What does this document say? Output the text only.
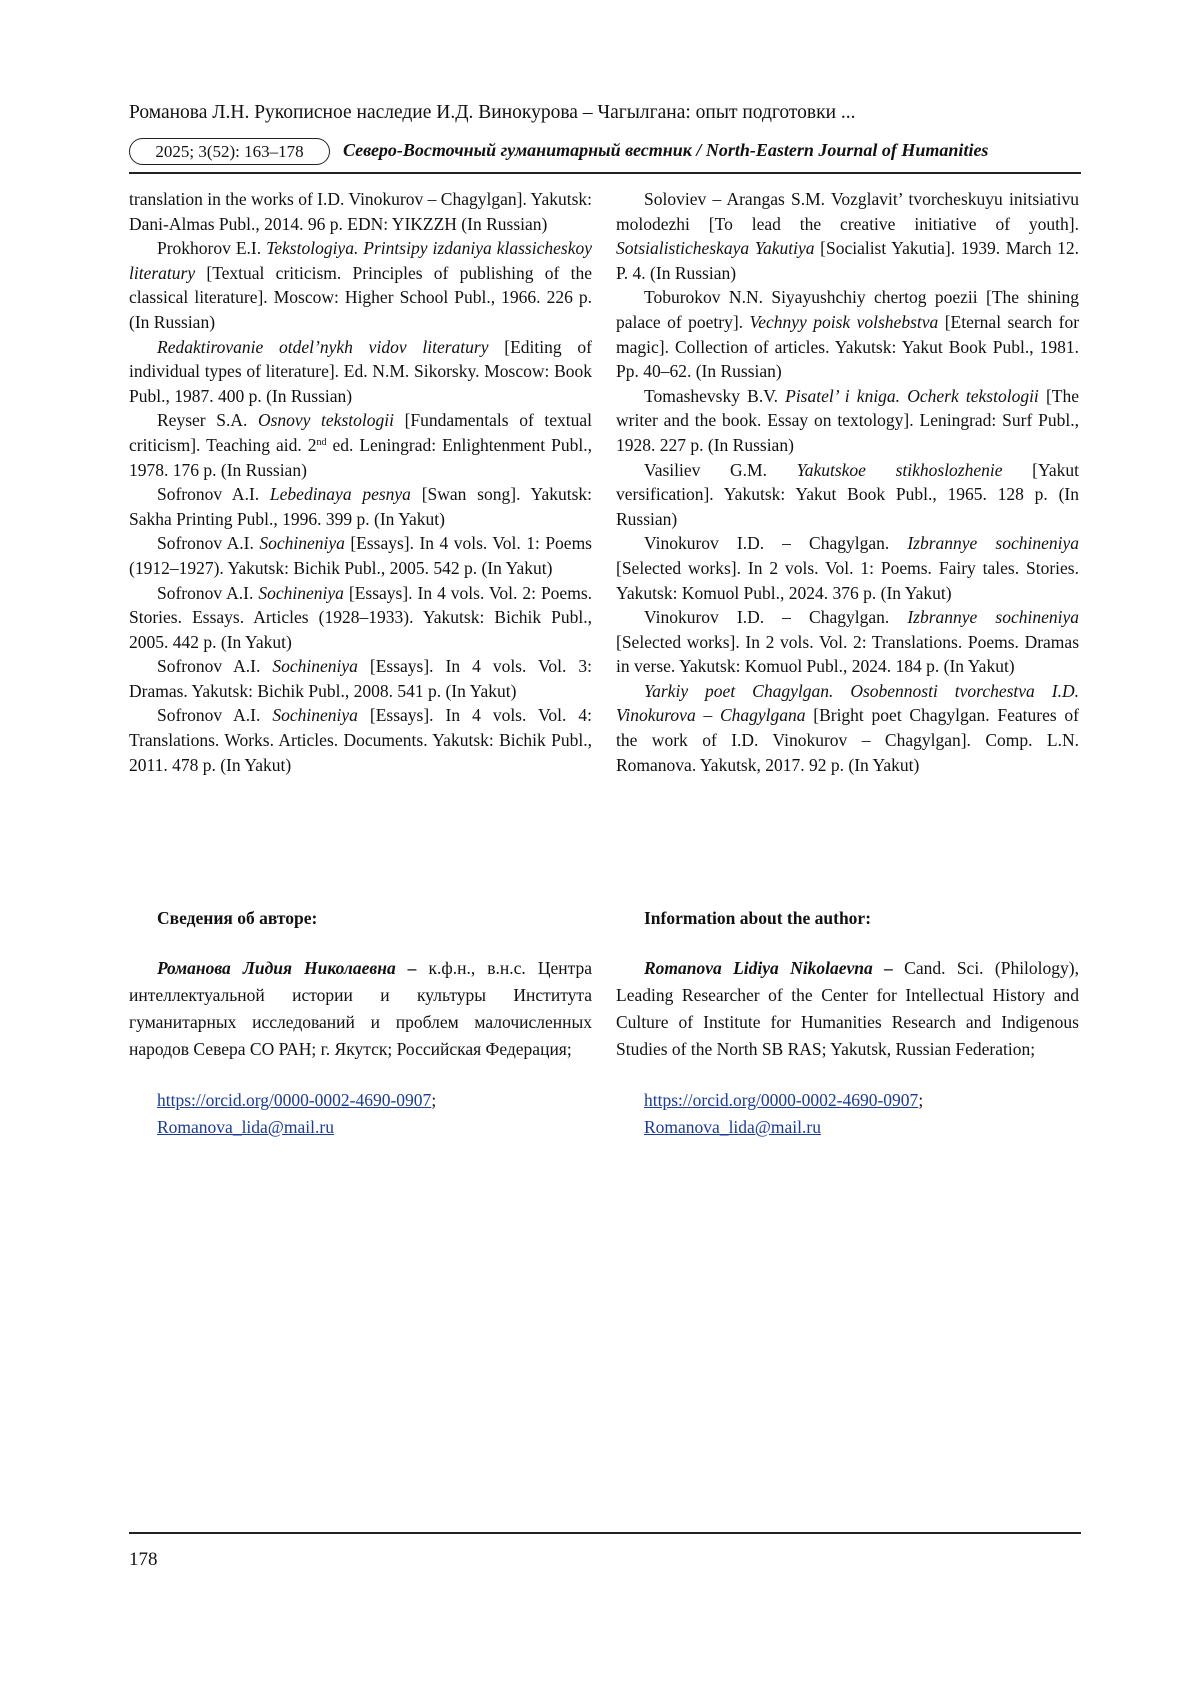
Романова Л.Н. Рукописное наследие И.Д. Винокурова – Чагылгана: опыт подготовки ...
2025; 3(52): 163–178	Северо-Восточный гуманитарный вестник / North-Eastern Journal of Humanities

translation in the works of I.D. Vinokurov – Chagylgan]. Yakutsk: Dani-Almas Publ., 2014. 96 p. EDN: YIKZZH (In Russian)

Prokhorov E.I. Tekstologiya. Printsipy izdaniya klassicheskoy literatury [Textual criticism. Principles of publishing of the classical literature]. Moscow: Higher School Publ., 1966. 226 p. (In Russian)

Redaktirovanie otdel’nykh vidov literatury [Editing of individual types of literature]. Ed. N.M. Sikorsky. Moscow: Book Publ., 1987. 400 p. (In Russian)

Reyser S.A. Osnovy tekstologii [Fundamentals of textual criticism]. Teaching aid. 2nd ed. Leningrad: Enlightenment Publ., 1978. 176 p. (In Russian)

Sofronov A.I. Lebedinaya pesnya [Swan song]. Yakutsk: Sakha Printing Publ., 1996. 399 p. (In Yakut)

Sofronov A.I. Sochineniya [Essays]. In 4 vols. Vol. 1: Poems (1912–1927). Yakutsk: Bichik Publ., 2005. 542 p. (In Yakut)

Sofronov A.I. Sochineniya [Essays]. In 4 vols. Vol. 2: Poems. Stories. Essays. Articles (1928–1933). Yakutsk: Bichik Publ., 2005. 442 p. (In Yakut)

Sofronov A.I. Sochineniya [Essays]. In 4 vols. Vol. 3: Dramas. Yakutsk: Bichik Publ., 2008. 541 p. (In Yakut)

Sofronov A.I. Sochineniya [Essays]. In 4 vols. Vol. 4: Translations. Works. Articles. Documents. Yakutsk: Bichik Publ., 2011. 478 p. (In Yakut)

Soloviev – Arangas S.M. Vozglavit’ tvorcheskuyu initsiativu molodezhi [To lead the creative initiative of youth]. Sotsialisticheskaya Yakutiya [Socialist Yakutia]. 1939. March 12. P. 4. (In Russian)

Toburokov N.N. Siyayushchiy chertog poezii [The shining palace of poetry]. Vechnyy poisk volshebstva [Eternal search for magic]. Collection of articles. Yakutsk: Yakut Book Publ., 1981. Pp. 40–62. (In Russian)

Tomashevsky B.V. Pisatel’ i kniga. Ocherk tekstologii [The writer and the book. Essay on textology]. Leningrad: Surf Publ., 1928. 227 p. (In Russian)

Vasiliev G.M. Yakutskoe stikhoslozhenie [Yakut versification]. Yakutsk: Yakut Book Publ., 1965. 128 p. (In Russian)

Vinokurov I.D. – Chagylgan. Izbrannye sochineniya [Selected works]. In 2 vols. Vol. 1: Poems. Fairy tales. Stories. Yakutsk: Komuol Publ., 2024. 376 p. (In Yakut)

Vinokurov I.D. – Chagylgan. Izbrannye sochineniya [Selected works]. In 2 vols. Vol. 2: Translations. Poems. Dramas in verse. Yakutsk: Komuol Publ., 2024. 184 p. (In Yakut)

Yarkiy poet Chagylgan. Osobennosti tvorchestva I.D. Vinokurova – Chagylgana [Bright poet Chagylgan. Features of the work of I.D. Vinokurov – Chagylgan]. Comp. L.N. Romanova. Yakutsk, 2017. 92 p. (In Yakut)

Сведения об авторе:

Романова Лидия Николаевна – к.ф.н., в.н.с. Центра интеллектуальной истории и культуры Института гуманитарных исследований и проблем малочисленных народов Севера СО РАН; г. Якутск; Российская Федерация;

https://orcid.org/0000-0002-4690-0907;
Romanova_lida@mail.ru
Information about the author:

Romanova Lidiya Nikolaevna – Cand. Sci. (Philology), Leading Researcher of the Center for Intellectual History and Culture of Institute for Humanities Research and Indigenous Studies of the North SB RAS; Yakutsk, Russian Federation;

https://orcid.org/0000-0002-4690-0907;
Romanova_lida@mail.ru
178
